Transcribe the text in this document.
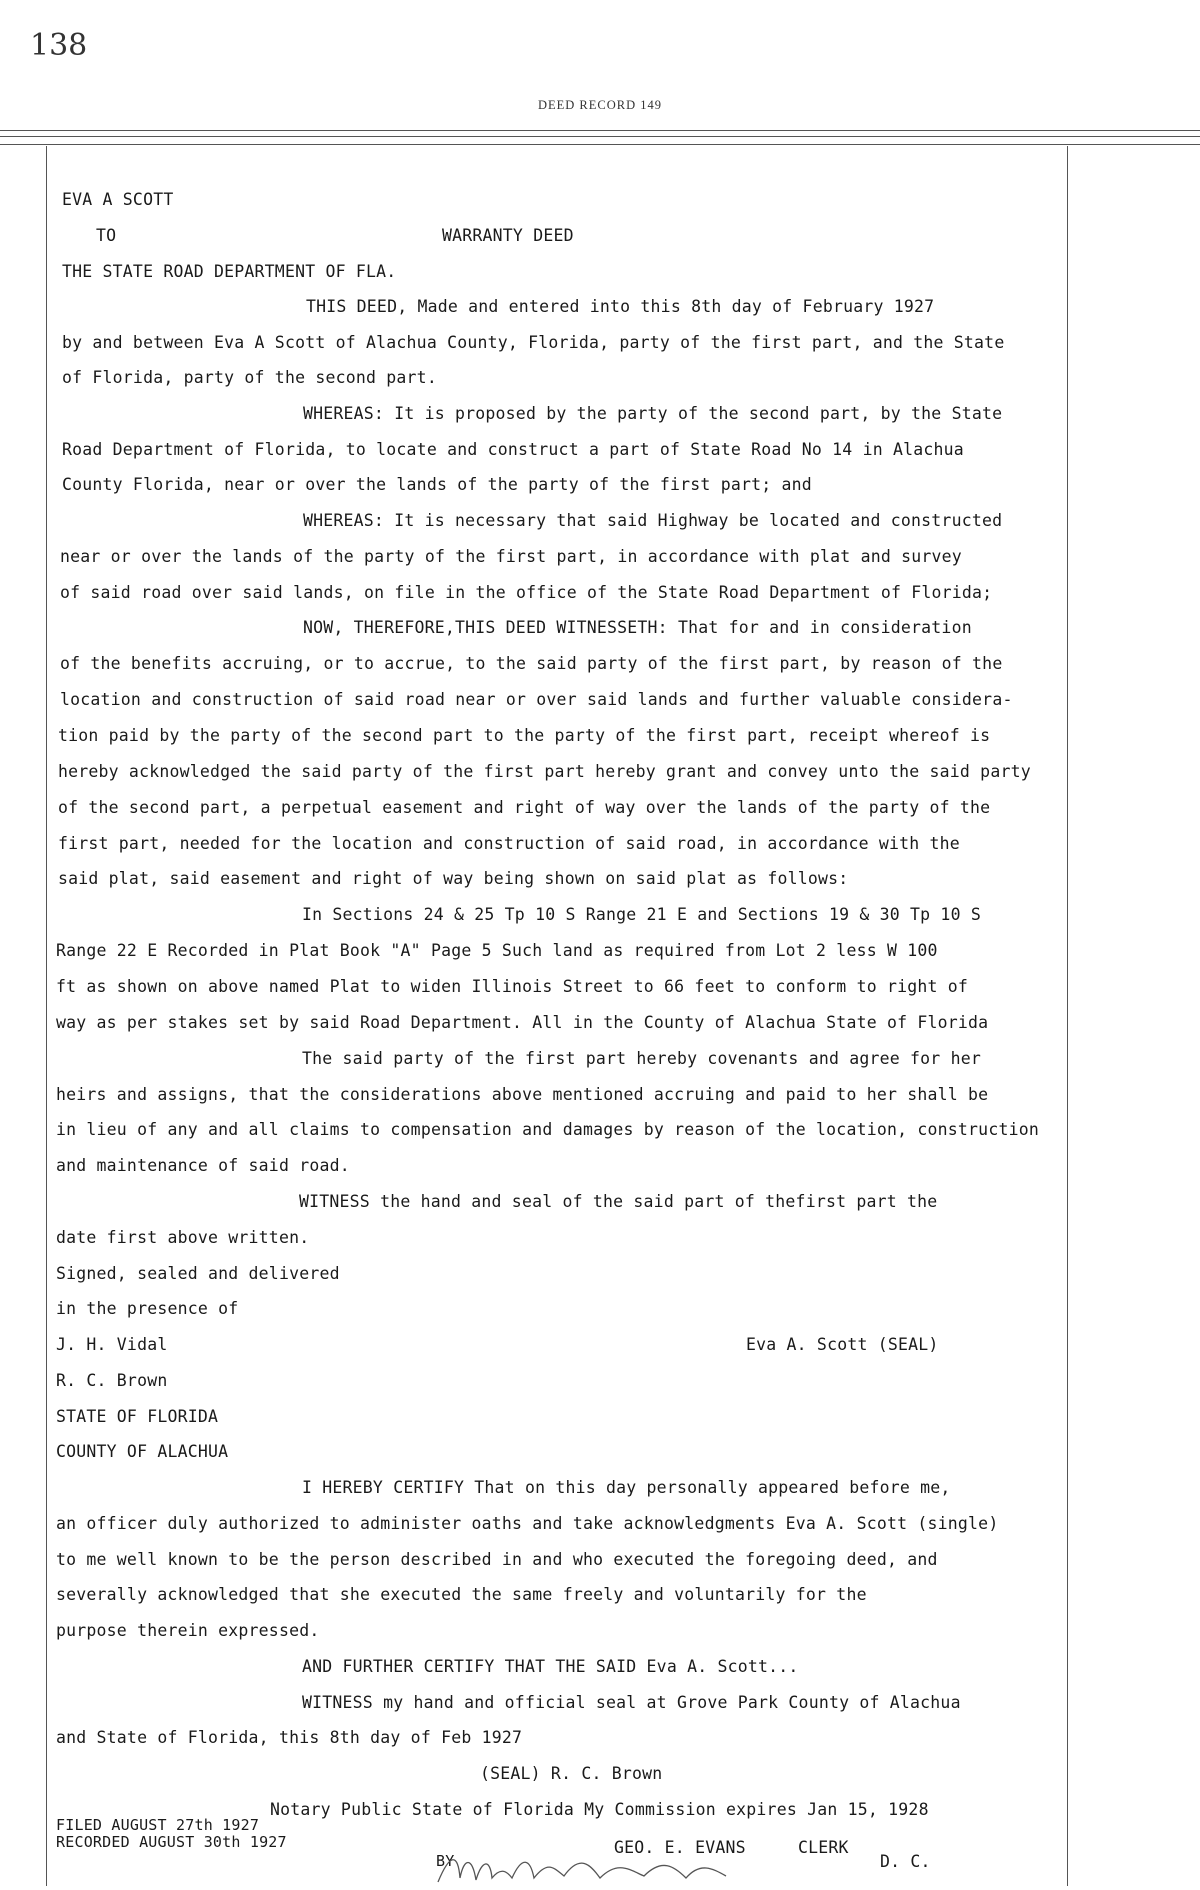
138
DEED RECORD 149
EVA A SCOTT
TO	WARRANTY DEED
THE STATE ROAD DEPARTMENT OF FLA.
THIS DEED, Made and entered into this 8th day of February 1927
by and between Eva A Scott of Alachua County, Florida, party of the first part, and the State
of Florida, party of the second part.
WHEREAS: It is proposed by the party of the second part, by the State
Road Department of Florida, to locate and construct a part of State Road No 14 in Alachua
County Florida, near or over the lands of the party of the first part; and
WHEREAS: It is necessary that said Highway be located and constructed
near or over the lands of the party of the first part, in accordance with plat and survey
of said road over said lands, on file in the office of the State Road Department of Florida;
NOW, THEREFORE,THIS DEED WITNESSETH: That for and in consideration
of the benefits accruing, or to accrue, to the said party of the first part, by reason of the
location and construction of said road near or over said lands and further valuable considera-
tion paid by the party of the second part to the party of the first part, receipt whereof is
hereby acknowledged the said party of the first part hereby grant and convey unto the said party
of the second part, a perpetual easement and right of way over the lands of the party of the
first part, needed for the location and construction of said road, in accordance with the
said plat, said easement and right of way being shown on said plat as follows:
In Sections 24 & 25 Tp 10 S Range 21 E and Sections 19 & 30 Tp 10 S
Range 22 E Recorded in Plat Book "A" Page 5 Such land as required from Lot 2 less W 100
ft as shown on above named Plat to widen Illinois Street to 66 feet to conform to right of
way as per stakes set by said Road Department. All in the County of Alachua State of Florida
The said party of the first part hereby covenants and agree for her
heirs and assigns, that the considerations above mentioned accruing and paid to her shall be
in lieu of any and all claims to compensation and damages by reason of the location, construction
and maintenance of said road.
WITNESS the hand and seal of the said part of thefirst part the
date first above written.
Signed, sealed and delivered
in the presence of
J. H. Vidal	Eva A. Scott (SEAL)
R. C. Brown
STATE OF FLORIDA
COUNTY OF ALACHUA
I HEREBY CERTIFY That on this day personally appeared before me,
an officer duly authorized to administer oaths and take acknowledgments Eva A. Scott (single)
to me well known to be the person described in and who executed the foregoing deed, and
severally acknowledged that she executed the same freely and voluntarily for the
purpose therein expressed.
AND FURTHER CERTIFY THAT THE SAID Eva A. Scott...
WITNESS my hand and official seal at Grove Park County of Alachua
and State of Florida, this 8th day of Feb 1927
(SEAL) R. C. Brown
Notary Public State of Florida My Commission expires Jan 15, 1928
FILED AUGUST 27th 1927
RECORDED AUGUST 30th 1927	GEO. E. EVANS	CLERK
BY	D. C.
